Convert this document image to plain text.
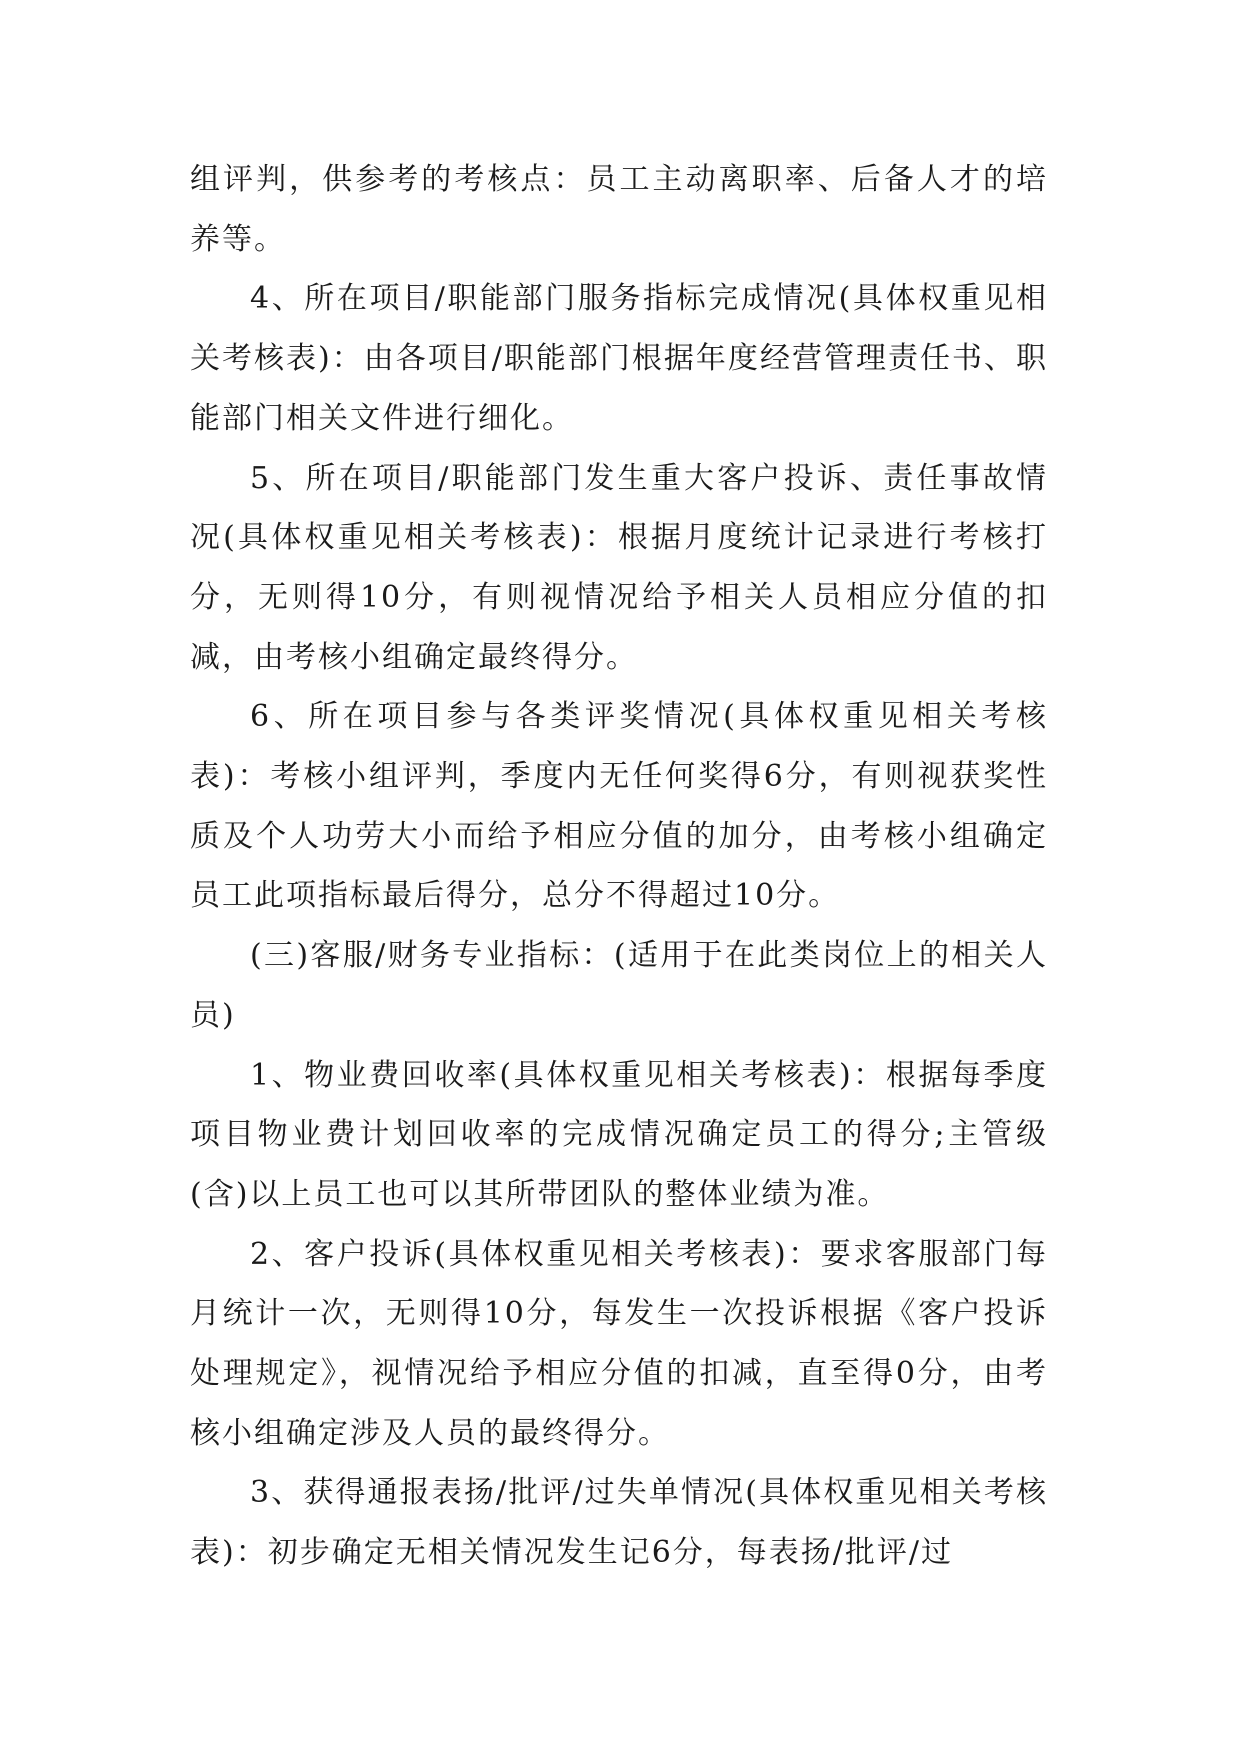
组评判，供参考的考核点：员工主动离职率、后备人才的培养等。

4、所在项目/职能部门服务指标完成情况(具体权重见相关考核表)：由各项目/职能部门根据年度经营管理责任书、职能部门相关文件进行细化。

5、所在项目/职能部门发生重大客户投诉、责任事故情况(具体权重见相关考核表)：根据月度统计记录进行考核打分，无则得10分，有则视情况给予相关人员相应分值的扣减，由考核小组确定最终得分。

6、所在项目参与各类评奖情况(具体权重见相关考核表)：考核小组评判，季度内无任何奖得6分，有则视获奖性质及个人功劳大小而给予相应分值的加分，由考核小组确定员工此项指标最后得分，总分不得超过10分。

(三)客服/财务专业指标：(适用于在此类岗位上的相关人员)

1、物业费回收率(具体权重见相关考核表)：根据每季度项目物业费计划回收率的完成情况确定员工的得分;主管级(含)以上员工也可以其所带团队的整体业绩为准。

2、客户投诉(具体权重见相关考核表)：要求客服部门每月统计一次，无则得10分，每发生一次投诉根据《客户投诉处理规定》，视情况给予相应分值的扣减，直至得0分，由考核小组确定涉及人员的最终得分。

3、获得通报表扬/批评/过失单情况(具体权重见相关考核表)：初步确定无相关情况发生记6分，每表扬/批评/过
